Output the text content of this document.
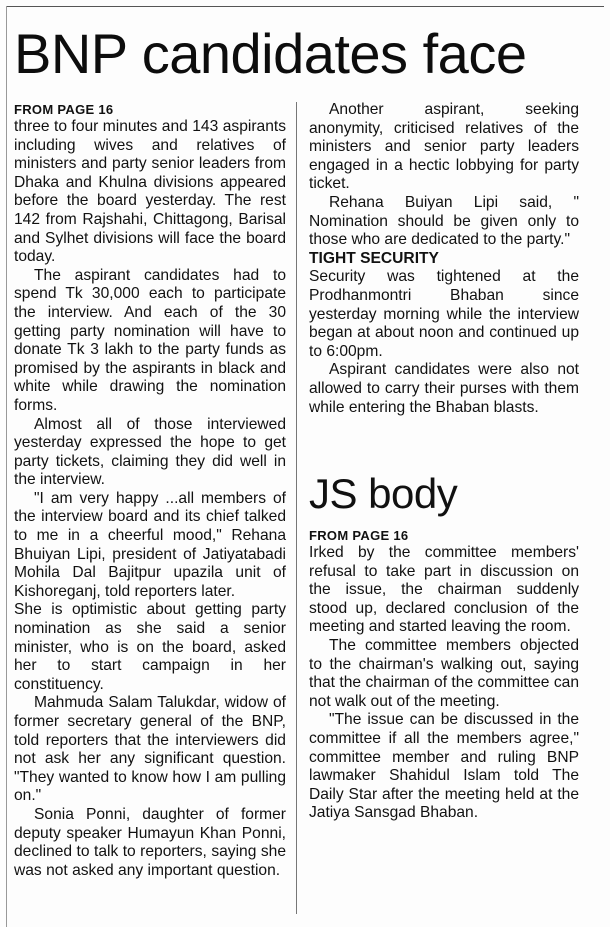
BNP candidates face

FROM PAGE 16

three to four minutes and 143 aspirants including wives and relatives of ministers and party senior leaders from Dhaka and Khulna divisions appeared before the board yesterday. The rest 142 from Rajshahi, Chittagong, Barisal and Sylhet divisions will face the board today.

The aspirant candidates had to spend Tk 30,000 each to participate the interview. And each of the 30 getting party nomination will have to donate Tk 3 lakh to the party funds as promised by the aspirants in black and white while drawing the nomination forms.

Almost all of those interviewed yesterday expressed the hope to get party tickets, claiming they did well in the interview.

"I am very happy ...all members of the interview board and its chief talked to me in a cheerful mood," Rehana Bhuiyan Lipi, president of Jatiyatabadi Mohila Dal Bajitpur upazila unit of Kishoreganj, told reporters later.

She is optimistic about getting party nomination as she said a senior minister, who is on the board, asked her to start campaign in her constituency.

Mahmuda Salam Talukdar, widow of former secretary general of the BNP, told reporters that the interviewers did not ask her any significant question. "They wanted to know how I am pulling on."

Sonia Ponni, daughter of former deputy speaker Humayun Khan Ponni, declined to talk to reporters, saying she was not asked any important question.

Another aspirant, seeking anonymity, criticised relatives of the ministers and senior party leaders engaged in a hectic lobbying for party ticket.

Rehana Buiyan Lipi said, " Nomination should be given only to those who are dedicated to the party."

TIGHT SECURITY

Security was tightened at the Prodhanmontri Bhaban since yesterday morning while the interview began at about noon and continued up to 6:00pm.

Aspirant candidates were also not allowed to carry their purses with them while entering the Bhaban blasts.

JS body

FROM PAGE 16

Irked by the committee members' refusal to take part in discussion on the issue, the chairman suddenly stood up, declared conclusion of the meeting and started leaving the room.

The committee members objected to the chairman's walking out, saying that the chairman of the committee can not walk out of the meeting.

"The issue can be discussed in the committee if all the members agree," committee member and ruling BNP lawmaker Shahidul Islam told The Daily Star after the meeting held at the Jatiya Sansgad Bhaban.
